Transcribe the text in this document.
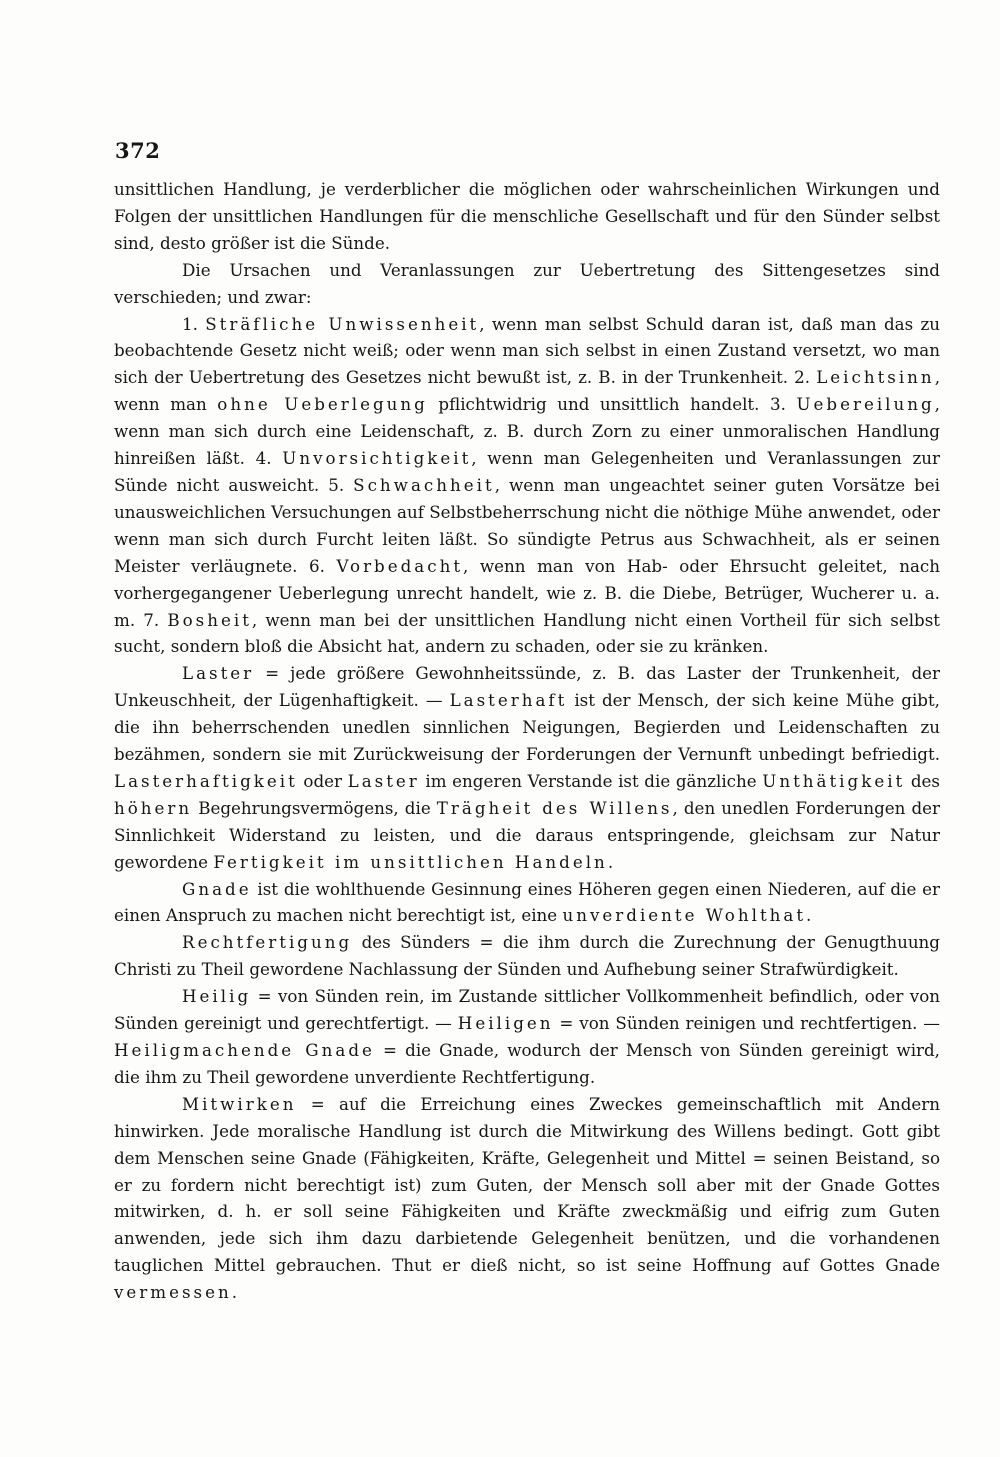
372

unsittlichen Handlung, je verderblicher die möglichen oder wahrscheinlichen Wirkungen und Folgen der unsittlichen Handlungen für die menschliche Gesellschaft und für den Sünder selbst sind, desto größer ist die Sünde.

Die Ursachen und Veranlassungen zur Uebertretung des Sittengesetzes sind verschieden; und zwar:

1. Sträfliche Unwissenheit, wenn man selbst Schuld daran ist, daß man das zu beobachtende Gesetz nicht weiß; oder wenn man sich selbst in einen Zustand versetzt, wo man sich der Uebertretung des Gesetzes nicht bewußt ist, z. B. in der Trunkenheit. 2. Leichtsinn, wenn man ohne Ueberlegung pflichtwidrig und unsittlich handelt. 3. Uebereilung, wenn man sich durch eine Leidenschaft, z. B. durch Zorn zu einer unmoralischen Handlung hinreißen läßt. 4. Unvorsichtigkeit, wenn man Gelegenheiten und Veranlassungen zur Sünde nicht ausweicht. 5. Schwachheit, wenn man ungeachtet seiner guten Vorsätze bei unausweichlichen Versuchungen auf Selbstbeherrschung nicht die nöthige Mühe anwendet, oder wenn man sich durch Furcht leiten läßt. So sündigte Petrus aus Schwachheit, als er seinen Meister verläugnete. 6. Vorbedacht, wenn man von Hab- oder Ehrsucht geleitet, nach vorhergegangener Ueberlegung unrecht handelt, wie z. B. die Diebe, Betrüger, Wucherer u. a. m. 7. Bosheit, wenn man bei der unsittlichen Handlung nicht einen Vortheil für sich selbst sucht, sondern bloß die Absicht hat, andern zu schaden, oder sie zu kränken.

Laster = jede größere Gewohnheitssünde, z. B. das Laster der Trunkenheit, der Unkeuschheit, der Lügenhaftigkeit. — Lasterhaft ist der Mensch, der sich keine Mühe gibt, die ihn beherrschenden unedlen sinnlichen Neigungen, Begierden und Leidenschaften zu bezähmen, sondern sie mit Zurückweisung der Forderungen der Vernunft unbedingt befriedigt. Lasterhaftigkeit oder Laster im engeren Verstande ist die gänzliche Unthätigkeit des höhern Begehrungsvermögens, die Trägheit des Willens, den unedlen Forderungen der Sinnlichkeit Widerstand zu leisten, und die daraus entspringende, gleichsam zur Natur gewordene Fertigkeit im unsittlichen Handeln.

Gnade ist die wohlthuende Gesinnung eines Höheren gegen einen Niederen, auf die er einen Anspruch zu machen nicht berechtigt ist, eine unverdiente Wohlthat.

Rechtfertigung des Sünders = die ihm durch die Zurechnung der Genugthuung Christi zu Theil gewordene Nachlassung der Sünden und Aufhebung seiner Strafwürdigkeit.

Heilig = von Sünden rein, im Zustande sittlicher Vollkommenheit befindlich, oder von Sünden gereinigt und gerechtfertigt. — Heiligen = von Sünden reinigen und rechtfertigen. — Heiligmachende Gnade = die Gnade, wodurch der Mensch von Sünden gereinigt wird, die ihm zu Theil gewordene unverdiente Rechtfertigung.

Mitwirken = auf die Erreichung eines Zweckes gemeinschaftlich mit Andern hinwirken. Jede moralische Handlung ist durch die Mitwirkung des Willens bedingt. Gott gibt dem Menschen seine Gnade (Fähigkeiten, Kräfte, Gelegenheit und Mittel = seinen Beistand, so er zu fordern nicht berechtigt ist) zum Guten, der Mensch soll aber mit der Gnade Gottes mitwirken, d. h. er soll seine Fähigkeiten und Kräfte zweckmäßig und eifrig zum Guten anwenden, jede sich ihm dazu darbietende Gelegenheit benützen, und die vorhandenen tauglichen Mittel gebrauchen. Thut er dieß nicht, so ist seine Hoffnung auf Gottes Gnade vermessen.
